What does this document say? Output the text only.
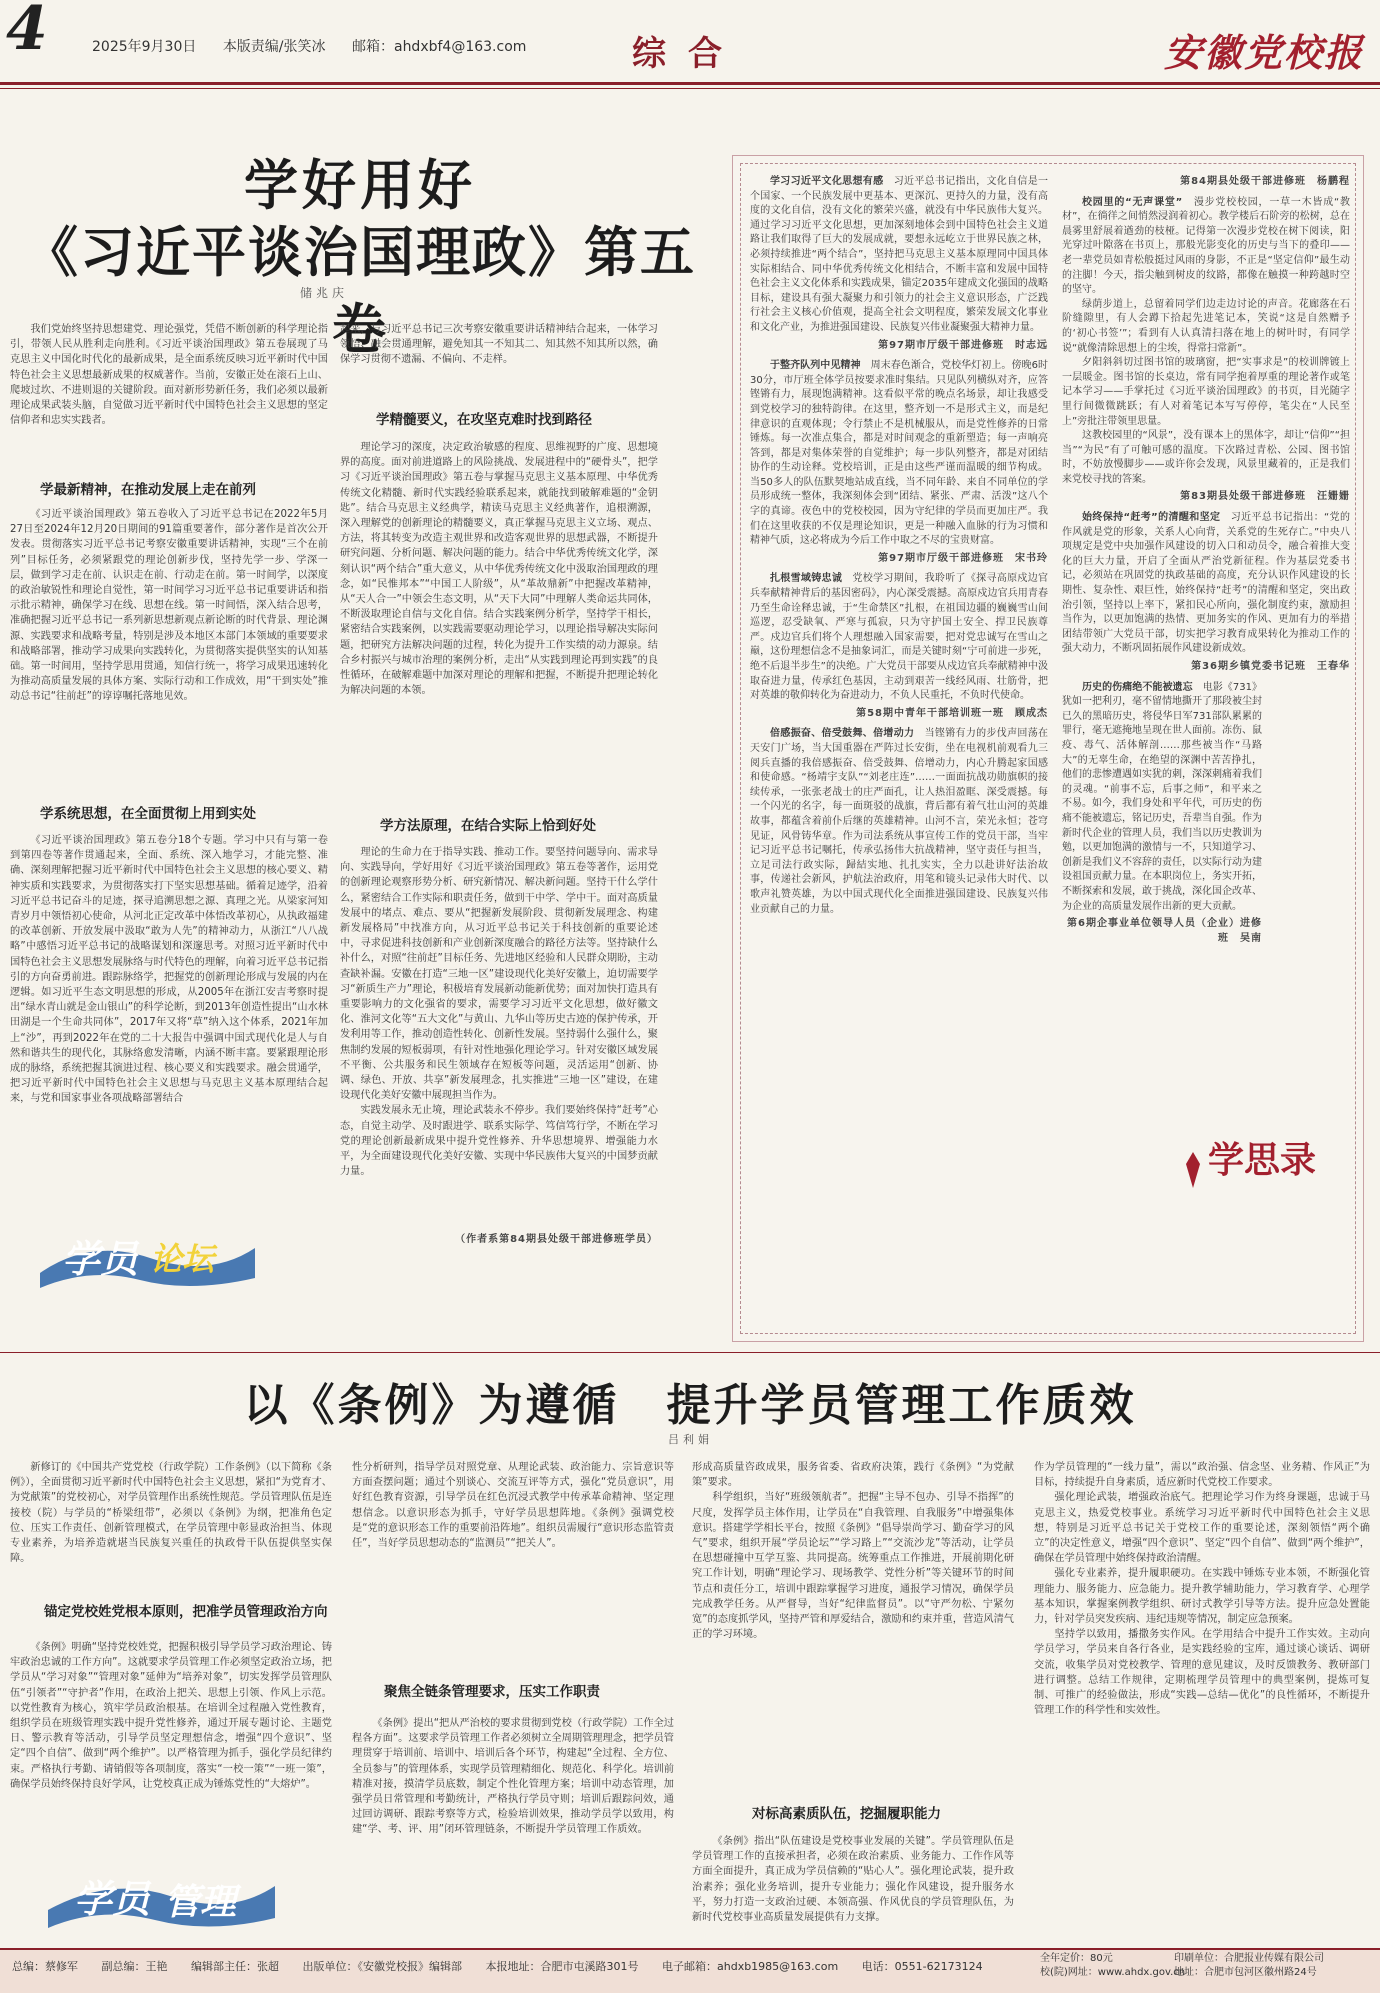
4	2025年9月30日 本版责编/张笑冰 邮箱：ahdxbf4@163.com	综合	安徽党校报
学好用好
《习近平谈治国理政》第五卷
储兆庆

我们党始终坚持思想建党、理论强党，凭借不断创新的科学理论指引，带领人民从胜利走向胜利。《习近平谈治国理政》第五卷展现了马克思主义中国化时代化的最新成果，是全面系统反映习近平新时代中国特色社会主义思想最新成果的权威著作。当前，安徽正处在滚石上山、爬坡过坎、不进则退的关键阶段。面对新形势新任务，我们必须以最新理论成果武装头脑，自觉做习近平新时代中国特色社会主义思想的坚定信仰者和忠实实践者。

学最新精神，在推动发展上走在前列

《习近平谈治国理政》第五卷收入了习近平总书记在2022年5月27日至2024年12月20日期间的91篇重要著作，部分著作是首次公开发表。贯彻落实习近平总书记考察安徽重要讲话精神，实现“三个在前列”目标任务，必须紧跟党的理论创新步伐，坚持先学一步、学深一层，做到学习走在前、认识走在前、行动走在前。第一时间学，以深度的政治敏锐性和理论自觉性，第一时间学习习近平总书记重要讲话和指示批示精神，确保学习在线、思想在线。第一时间悟，深入结合思考，准确把握习近平总书记一系列新思想新观点新论断的时代背景、理论渊源、实践要求和战略考量，特别是涉及本地区本部门本领域的重要要求和战略部署，推动学习成果向实践转化，为贯彻落实提供坚实的认知基础。第一时间用，坚持学思用贯通，知信行统一，将学习成果迅速转化为推动高质量发展的具体方案、实际行动和工作成效，用“干到实处”推动总书记“往前赶”的谆谆嘱托落地见效。

学系统思想，在全面贯彻上用到实处

《习近平谈治国理政》第五卷分18个专题。学习中只有与第一卷到第四卷等著作贯通起来，全面、系统、深入地学习，才能完整、准确、深刻理解把握习近平新时代中国特色社会主义思想的核心要义、精神实质和实践要求，为贯彻落实打下坚实思想基础。循着足迹学，沿着习近平总书记奋斗的足迹，探寻追溯思想之源、真理之光。从梁家河知青岁月中领悟初心使命，从河北正定改革中体悟改革初心，从执政福建的改革创新、开放发展中汲取“敢为人先”的精神动力，从浙江“八八战略”中感悟习近平总书记的战略谋划和深邃思考。对照习近平新时代中国特色社会主义思想发展脉络与时代特色的理解，向着习近平总书记指引的方向奋勇前进。跟踪脉络学，把握党的创新理论形成与发展的内在逻辑。如习近平生态文明思想的形成，从2005年在浙江安吉考察时提出“绿水青山就是金山银山”的科学论断，到2013年创造性提出“山水林田湖是一个生命共同体”，2017年又将“草”纳入这个体系，2021年加上“沙”，再到2022年在党的二十大报告中强调中国式现代化是人与自然和谐共生的现代化，其脉络愈发清晰，内涵不断丰富。要紧跟理论形成的脉络，系统把握其演进过程、核心要义和实践要求。融会贯通学，把习近平新时代中国特色社会主义思想与马克思主义基本原理结合起来，与党和国家事业各项战略部署结合

起来，与习近平总书记三次考察安徽重要讲话精神结合起来，一体学习领悟、融会贯通理解，避免知其一不知其二、知其然不知其所以然，确保学习贯彻不遗漏、不偏向、不走样。

学精髓要义，在攻坚克难时找到路径

理论学习的深度，决定政治敏感的程度、思维视野的广度、思想境界的高度。面对前进道路上的风险挑战、发展进程中的“硬骨头”，把学习《习近平谈治国理政》第五卷与掌握马克思主义基本原理、中华优秀传统文化精髓、新时代实践经验联系起来，就能找到破解难题的“金钥匙”。结合马克思主义经典学，精读马克思主义经典著作，追根溯源，深入理解党的创新理论的精髓要义，真正掌握马克思主义立场、观点、方法，将其转变为改造主观世界和改造客观世界的思想武器，不断提升研究问题、分析问题、解决问题的能力。结合中华优秀传统文化学，深刻认识“两个结合”重大意义，从中华优秀传统文化中汲取治国理政的理念，如“民惟邦本”“中国工人阶级”，从“革故鼎新”中把握改革精神，从“天人合一”中领会生态文明，从“天下大同”中理解人类命运共同体，不断汲取理论自信与文化自信。结合实践案例分析学，坚持学干相长，紧密结合实践案例，以实践需要驱动理论学习，以理论指导解决实际问题，把研究方法解决问题的过程，转化为提升工作实绩的动力源泉。结合乡村振兴与城市治理的案例分析，走出“从实践到理论再到实践”的良性循环，在破解难题中加深对理论的理解和把握，不断提升把理论转化为解决问题的本领。

学方法原理，在结合实际上恰到好处

理论的生命力在于指导实践、推动工作。要坚持问题导向、需求导向、实践导向，学好用好《习近平谈治国理政》第五卷等著作，运用党的创新理论观察形势分析、研究新情况、解决新问题。坚持干什么学什么，紧密结合工作实际和职责任务，做到干中学、学中干。面对高质量发展中的堵点、难点、要从“把握新发展阶段、贯彻新发展理念、构建新发展格局”中找准方向，从习近平总书记关于科技创新的重要论述中，寻求促进科技创新和产业创新深度融合的路径方法等。坚持缺什么补什么，对照“往前赶”目标任务、先进地区经验和人民群众期盼，主动查缺补漏。安徽在打造“三地一区”建设现代化美好安徽上，迫切需要学习“新质生产力”理论，积极培育发展新动能新优势；面对加快打造具有重要影响力的文化强省的要求，需要学习习近平文化思想，做好徽文化、淮河文化等“五大文化”与黄山、九华山等历史古迹的保护传承，开发利用等工作，推动创造性转化、创新性发展。坚持弱什么强什么，聚焦制约发展的短板弱项，有针对性地强化理论学习。针对安徽区域发展不平衡、公共服务和民生领域存在短板等问题，灵活运用“创新、协调、绿色、开放、共享”新发展理念，扎实推进“三地一区”建设，在建设现代化美好安徽中展现担当作为。

实践发展永无止境，理论武装永不停步。我们要始终保持“赶考”心态，自觉主动学、及时跟进学、联系实际学、笃信笃行学，不断在学习党的理论创新最新成果中提升党性修养、升华思想境界、增强能力水平，为全面建设现代化美好安徽、实现中华民族伟大复兴的中国梦贡献力量。

（作者系第84期县处级干部进修班学员）
学员 论坛

学习习近平文化思想有感　 习近平总书记指出，文化自信是一个国家、一个民族发展中更基本、更深沉、更持久的力量，没有高度的文化自信，没有文化的繁荣兴盛，就没有中华民族伟大复兴。通过学习习近平文化思想，更加深刻地体会到中国特色社会主义道路让我们取得了巨大的发展成就，要想永远屹立于世界民族之林，必须持续推进“两个结合”，坚持把马克思主义基本原理同中国具体实际相结合、同中华优秀传统文化相结合，不断丰富和发展中国特色社会主义文化体系和实践成果，锚定2035年建成文化强国的战略目标，建设具有强大凝聚力和引领力的社会主义意识形态，广泛践行社会主义核心价值观，提高全社会文明程度，繁荣发展文化事业和文化产业，为推进强国建设、民族复兴伟业凝聚强大精神力量。

第97期市厅级干部进修班　时志远

于整齐队列中见精神　 周末春色渐合，党校华灯初上。傍晚6时30分，市厅班全体学员按要求准时集结。只见队列横纵对齐，应答铿锵有力，展现饱满精神。这看似平常的晚点名场景，却让我感受到党校学习的独特韵律。在这里，整齐划一不是形式主义，而是纪律意识的直观体现；令行禁止不是机械服从，而是党性修养的日常锤炼。每一次准点集合，都是对时间观念的重新塑造；每一声响亮答到，都是对集体荣誉的自觉维护；每一步队列整齐，都是对团结协作的生动诠释。党校培训，正是由这些严谨而温暖的细节构成。当50多人的队伍默契地站成直线，当不同年龄、来自不同单位的学员形成统一整体，我深刻体会到“团结、紧张、严肃、活泼”这八个字的真谛。夜色中的党校校园，因为守纪律的学员而更加庄严。我们在这里收获的不仅是理论知识，更是一种融入血脉的行为习惯和精神气质，这必将成为今后工作中取之不尽的宝贵财富。

第97期市厅级干部进修班　宋书玲

扎根雪域铸忠诚　 党校学习期间，我聆听了《探寻高原戍边官兵奉献精神背后的基因密码》，内心深受震撼。高原戍边官兵用青春乃至生命诠释忠诚，于“生命禁区”扎根，在祖国边疆的巍巍雪山间巡逻，忍受缺氧、严寒与孤寂，只为守护国土安全、捍卫民族尊严。戍边官兵们将个人理想融入国家需要，把对党忠诚写在雪山之巅，这份理想信念不是抽象词汇，而是关键时刻“宁可前进一步死，绝不后退半步生”的决绝。广大党员干部要从戍边官兵奉献精神中汲取奋进力量，传承红色基因，主动到艰苦一线经风雨、壮筋骨，把对英雄的敬仰转化为奋进动力，不负人民重托，不负时代使命。

第58期中青年干部培训班一班　顾成杰

倍感振奋、倍受鼓舞、倍增动力　 当铿锵有力的步伐声回荡在天安门广场，当大国重器在严阵过长安街，坐在电视机前观看九三阅兵直播的我倍感振奋、倍受鼓舞、倍增动力，内心升腾起家国感和使命感。“杨靖宇支队”“刘老庄连”……一面面抗战功勋旗帜的接续传承，一张张老战士的庄严面孔，让人热泪盈眶、深受震撼。每一个闪光的名字，每一面斑驳的战旗，背后都有着气壮山河的英雄故事，都蕴含着前仆后继的英雄精神。山河不言，荣光永恒；苍穹见证，风骨铸华章。作为司法系统从事宣传工作的党员干部，当牢记习近平总书记嘱托，传承弘扬伟大抗战精神，坚守责任与担当，立足司法行政实际，歸結实地、扎扎实实，全力以赴讲好法治故事，传递社会新风，护航法治政府，用笔和镜头记录伟大时代、以歌声礼赞英雄，为以中国式现代化全面推进强国建设、民族复兴伟业贡献自己的力量。

第84期县处级干部进修班　杨鹏程

校园里的“无声课堂”　 漫步党校校园，一草一木皆成“教材”，在徜徉之间悄然浸润着初心。教学楼后石阶旁的松树，总在晨雾里舒展着遒劲的枝桠。记得第一次漫步党校在树下阅读，阳光穿过叶隙落在书页上，那般光影变化的历史与当下的叠印——老一辈党员如青松般挺过风雨的身影，不正是“坚定信仰”最生动的注脚！今天，指尖触到树皮的纹路，都像在触摸一种跨越时空的坚守。

绿荫步道上，总留着同学们边走边讨论的声音。花廊落在石阶缝隙里，有人会蹲下拾起先进笔记本，笑说“这是自然赠予的‘初心书签’”；看到有人认真清扫落在地上的树叶时，有同学说“就像清除思想上的尘埃，得常扫常新”。

夕阳斜斜切过图书馆的玻璃窗，把“实事求是”的校训牌镀上一层暖金。图书馆的长桌边，常有同学抱着厚重的理论著作或笔记本学习——手掌托过《习近平谈治国理政》的书页，目光随字里行间微微跳跃；有人对着笔记本写写停停，笔尖在“人民至上”旁批注带领里思量。

这教校园里的“风景”，没有课本上的黑体字，却让“信仰”“担当”“为民”有了可触可感的温度。下次路过青松、公园、图书馆时，不妨放慢脚步——或许你会发现，风景里藏着的，正是我们来党校寻找的答案。

第83期县处级干部进修班　汪姗姗

始终保持“赶考”的清醒和坚定　 习近平总书记指出：“党的作风就是党的形象，关系人心向背，关系党的生死存亡。”中央八项规定是党中央加强作风建设的切入口和动员令，融合着推大变化的巨大力量，开启了全面从严治党新征程。作为基层党委书记，必须站在巩固党的执政基础的高度，充分认识作风建设的长期性、复杂性、艰巨性，始终保持“赶考”的清醒和坚定，突出政治引领，坚持以上率下，紧扣民心所向，强化制度约束，激励担当作为，以更加饱满的热情、更加务实的作风、更加有力的举措团结带领广大党员干部，切实把学习教育成果转化为推动工作的强大动力，不断巩固拓展作风建设新成效。

第36期乡镇党委书记班　王春华

历史的伤痛绝不能被遗忘　 电影《731》犹如一把利刃，毫不留情地撕开了那段被尘封已久的黑暗历史，将侵华日军731部队累累的罪行，毫无遮掩地呈现在世人面前。冻伤、鼠疫、毒气、活体解剖……那些被当作“马路大”的无辜生命，在绝望的深渊中苦苦挣扎，他们的悲惨遭遇如实犹的刺，深深刺痛着我们的灵魂。“前事不忘，后事之师”，和平来之不易。如今，我们身处和平年代，可历史的伤痛不能被遗忘，铭记历史，吾辈当自强。作为新时代企业的管理人员，我们当以历史教训为勉，以更加饱满的激情与一不，只知道学习、创新是我们义不容辞的责任，以实际行动为建设祖国贡献力量。在本职岗位上，务实开拓，不断探索和发展，敢于挑战，深化国企改革、为企业的高质量发展作出新的更大贡献。

第6期企事业单位领导人员（企业）进修班　吴南
学思录
以《条例》为遵循　提升学员管理工作质效
吕利娟

新修订的《中国共产党党校（行政学院）工作条例》（以下简称《条例》），全面贯彻习近平新时代中国特色社会主义思想，紧扣“为党育才、为党献策”的党校初心，对学员管理作出系统性规范。学员管理队伍是连接校（院）与学员的“桥梁纽带”，必须以《条例》为纲，把准角色定位、压实工作责任、创新管理模式，在学员管理中彰显政治担当、体现专业素养，为培养造就堪当民族复兴重任的执政骨干队伍提供坚实保障。

锚定党校姓党根本原则，把准学员管理政治方向

《条例》明确“坚持党校姓党，把握积极引导学员学习政治理论、铸牢政治忠诚的工作方向”。这就要求学员管理工作必须坚定政治立场，把学员从“学习对象”“管理对象”延伸为“培养对象”，切实发挥学员管理队伍“引领者”“守护者”作用，在政治上把关、思想上引领、作风上示范。以党性教育为核心，筑牢学员政治根基。在培训全过程融入党性教育，组织学员在班级管理实践中提升党性修养，通过开展专题讨论、主题党日、警示教育等活动，引导学员坚定理想信念，增强“四个意识”、坚定“四个自信”、做到“两个维护”。以严格管理为抓手，强化学员纪律约束。严格执行考勤、请销假等各项制度，落实“一校一策”“一班一策”，确保学员始终保持良好学风，让党校真正成为锤炼党性的“大熔炉”。

性分析研判，指导学员对照党章、从理论武装、政治能力、宗旨意识等方面查摆问题；通过个别谈心、交流互评等方式，强化“党员意识”，用好红色教育资源，引导学员在红色沉浸式教学中传承革命精神、坚定理想信念。以意识形态为抓手，守好学员思想阵地。《条例》强调党校是“党的意识形态工作的重要前沿阵地”。组织员需履行“意识形态监管责任”，当好学员思想动态的“监测员”“把关人”。

聚焦全链条管理要求，压实工作职责

《条例》提出“把从严治校的要求贯彻到党校（行政学院）工作全过程各方面”。这要求学员管理工作者必须树立全周期管理理念，把学员管理贯穿于培训前、培训中、培训后各个环节，构建起“全过程、全方位、全员参与”的管理体系，实现学员管理精细化、规范化、科学化。培训前精准对接，摸清学员底数，制定个性化管理方案；培训中动态管理，加强学员日常管理和考勤统计，严格执行学员守则；培训后跟踪问效，通过回访调研、跟踪考察等方式，检验培训效果，推动学员学以致用，构建“学、考、评、用”闭环管理链条，不断提升学员管理工作质效。

形成高质量咨政成果，服务省委、省政府决策，践行《条例》“为党献策”要求。

科学组织，当好“班级领航者”。把握“主导不包办、引导不指挥”的尺度，发挥学员主体作用，让学员在“自我管理、自我服务”中增强集体意识。搭建学学相长平台，按照《条例》“倡导崇尚学习、勤奋学习的风气”要求，组织开展“学员论坛”“学习路上”“交流沙龙”等活动，让学员在思想碰撞中互学互鉴、共同提高。统筹重点工作推进，开展前期化研究工作计划，明确“理论学习、现场教学、党性分析”等关键环节的时间节点和责任分工，培训中跟踪掌握学习进度，通报学习情况，确保学员完成教学任务。从严督导，当好“纪律监督员”。以“守严勿松、宁紧勿宽”的态度抓学风，坚持严管和厚爱结合，激励和约束并重，营造风清气正的学习环境。

对标高素质队伍，挖掘履职能力

《条例》指出“队伍建设是党校事业发展的关键”。学员管理队伍是学员管理工作的直接承担者，必须在政治素质、业务能力、工作作风等方面全面提升，真正成为学员信赖的“贴心人”。强化理论武装，提升政治素养；强化业务培训，提升专业能力；强化作风建设，提升服务水平，努力打造一支政治过硬、本领高强、作风优良的学员管理队伍，为新时代党校事业高质量发展提供有力支撑。

作为学员管理的“一线力量”，需以“政治强、信念坚、业务精、作风正”为目标，持续提升自身素质，适应新时代党校工作要求。

强化理论武装，增强政治底气。把理论学习作为终身课题，忠诚于马克思主义，热爱党校事业。系统学习习近平新时代中国特色社会主义思想，特别是习近平总书记关于党校工作的重要论述，深刻领悟“两个确立”的决定性意义，增强“四个意识”、坚定“四个自信”、做到“两个维护”，确保在学员管理中始终保持政治清醒。

强化专业素养，提升履职硬功。在实践中锤炼专业本领，不断强化管理能力、服务能力、应急能力。提升教学辅助能力，学习教育学、心理学基本知识，掌握案例教学组织、研讨式教学引导等方法。提升应急处置能力，针对学员突发疾病、违纪违规等情况，制定应急预案。

坚持学以致用，播撒务实作风。在学用结合中提升工作实效。主动向学员学习，学员来自各行各业，是实践经验的宝库，通过谈心谈话、调研交流，收集学员对党校教学、管理的意见建议，及时反馈教务、教研部门进行调整。总结工作规律，定期梳理学员管理中的典型案例，提炼可复制、可推广的经验做法，形成“实践—总结—优化”的良性循环，不断提升管理工作的科学性和实效性。

学员 管理
总编：蔡修军 副总编：王艳 编辑部主任：张超 出版单位：《安徽党校报》编辑部 本报地址：合肥市屯溪路301号 电子邮箱：ahdxb1985@163.com 电话：0551-62173124
全年定价：80元
校(院)网址：www.ahdx.gov.cn
印刷单位：合肥报业传媒有限公司
地址：合肥市包河区徽州路24号
